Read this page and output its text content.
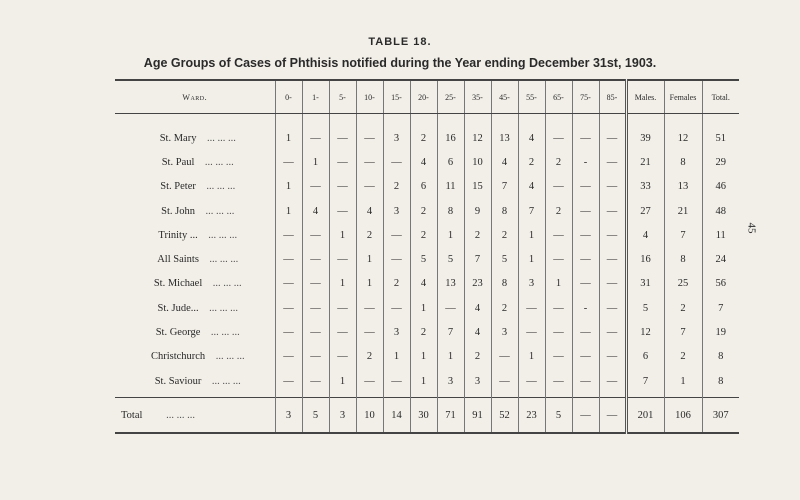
TABLE 18.
Age Groups of Cases of Phthisis notified during the Year ending December 31st, 1903.
Ward.	0-	1-	5-	10-	15-	20-	25-	35-	45-	55-	65-	75-	85-	Males.	Females	Total.
St. Mary ... ... ...	1	—	—	—	3	2	16	12	13	4	—	—	—	39	12	51
St. Paul ... ... ...	—	1	—	—	—	4	6	10	4	2	2	-	—	21	8	29
St. Peter ... ... ...	1	—	—	—	2	6	11	15	7	4	—	—	—	33	13	46
St. John ... ... ...	1	4	—	4	3	2	8	9	8	7	2	—	—	27	21	48
Trinity ... ... ... ...	—	—	1	2	—	2	1	2	2	1	—	—	—	4	7	11
All Saints ... ... ...	—	—	—	1	—	5	5	7	5	1	—	—	—	16	8	24
St. Michael ... ... ...	—	—	1	1	2	4	13	23	8	3	1	—	—	31	25	56
St. Jude... ... ... ...	—	—	—	—	—	1	—	4	2	—	—	-	—	5	2	7
St. George ... ... ...	—	—	—	—	3	2	7	4	3	—	—	—	—	12	7	19
Christchurch ... ... ...	—	—	—	2	1	1	1	2	—	1	—	—	—	6	2	8
St. Saviour ... ... ...	—	—	1	—	—	1	3	3	—	—	—	—	—	7	1	8
Total ... ... ...	3	5	3	10	14	30	71	91	52	23	5	—	—	201	106	307
45
